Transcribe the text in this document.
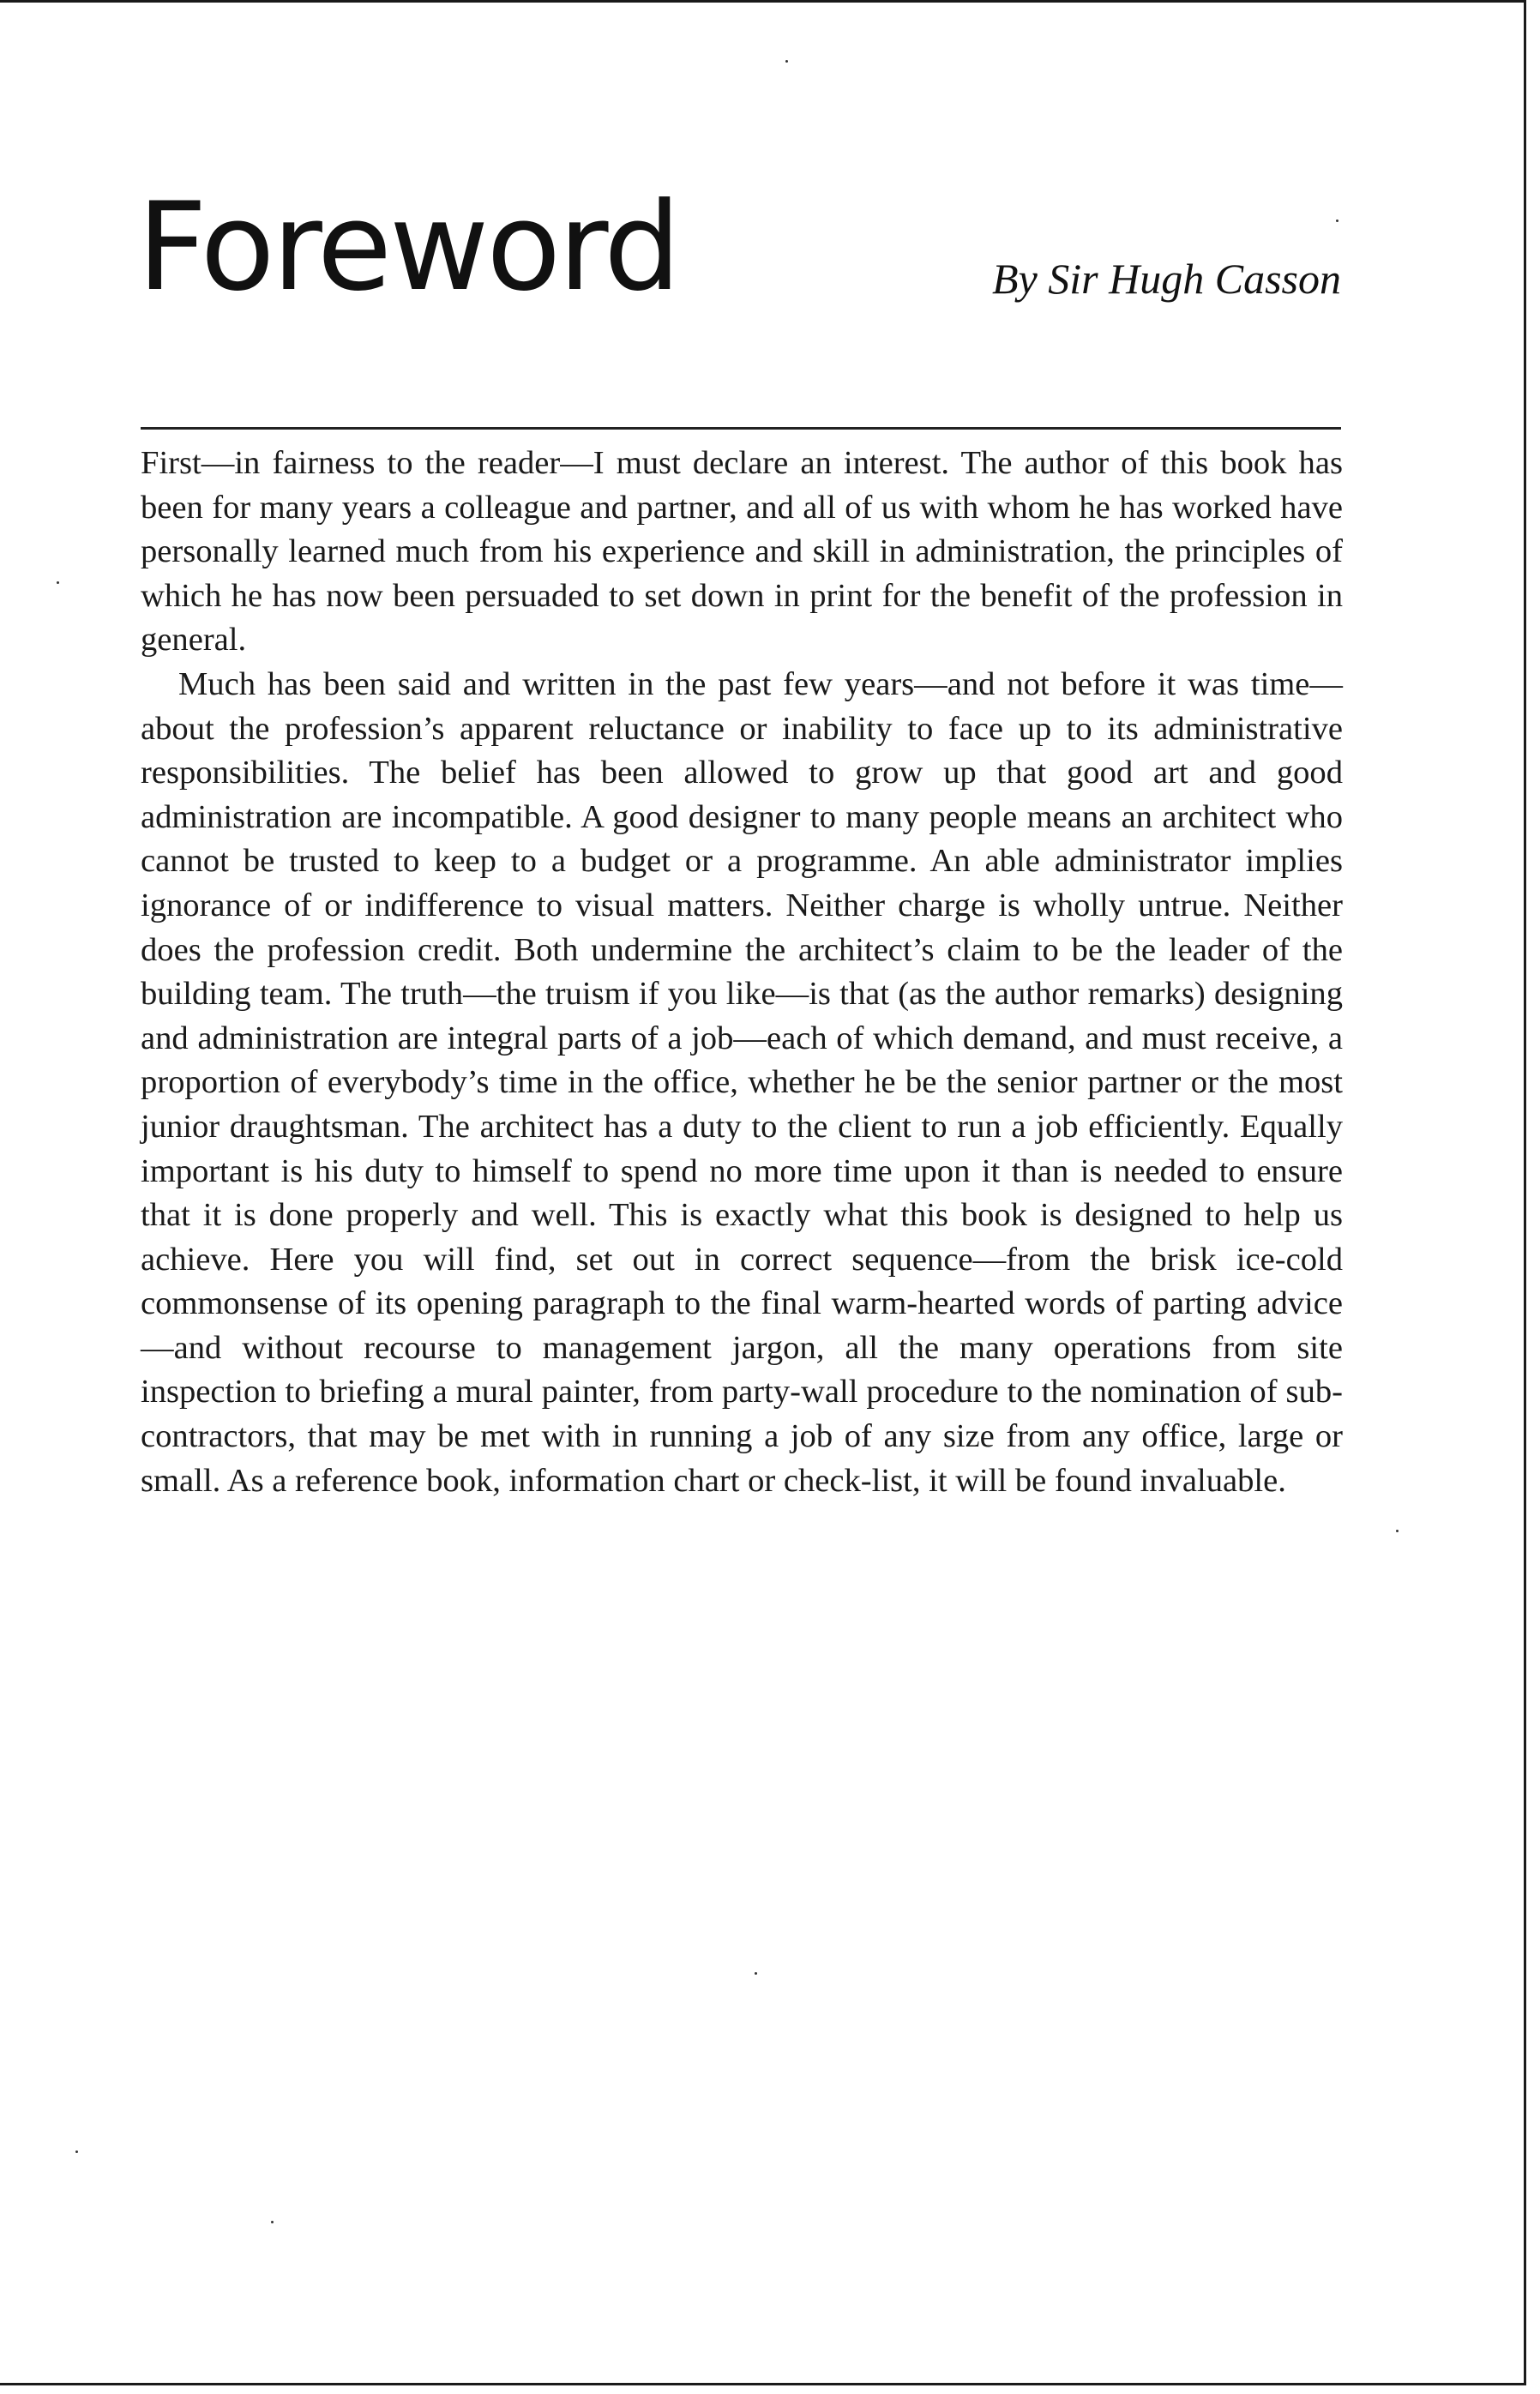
Foreword	By Sir Hugh Casson

First—in fairness to the reader—I must declare an interest. The author of this book has been for many years a colleague and partner, and all of us with whom he has worked have personally learned much from his experience and skill in administration, the principles of which he has now been persuaded to set down in print for the benefit of the profession in general.

Much has been said and written in the past few years—and not before it was time—about the profession’s apparent reluctance or inability to face up to its administrative responsibilities. The belief has been allowed to grow up that good art and good administration are incompatible. A good designer to many people means an architect who cannot be trusted to keep to a budget or a programme. An able administrator implies ignorance of or indifference to visual matters. Neither charge is wholly untrue. Neither does the profession credit. Both undermine the architect’s claim to be the leader of the building team. The truth—the truism if you like—is that (as the author remarks) designing and administration are integral parts of a job—each of which demand, and must receive, a proportion of everybody’s time in the office, whether he be the senior partner or the most junior draughtsman. The architect has a duty to the client to run a job efficiently. Equally important is his duty to himself to spend no more time upon it than is needed to ensure that it is done properly and well. This is exactly what this book is designed to help us achieve. Here you will find, set out in correct sequence—from the brisk ice-cold commonsense of its opening paragraph to the final warm-hearted words of parting advice—and without recourse to management jargon, all the many operations from site inspection to briefing a mural painter, from party-wall procedure to the nomination of sub-contractors, that may be met with in running a job of any size from any office, large or small. As a reference book, information chart or check-list, it will be found invaluable.
